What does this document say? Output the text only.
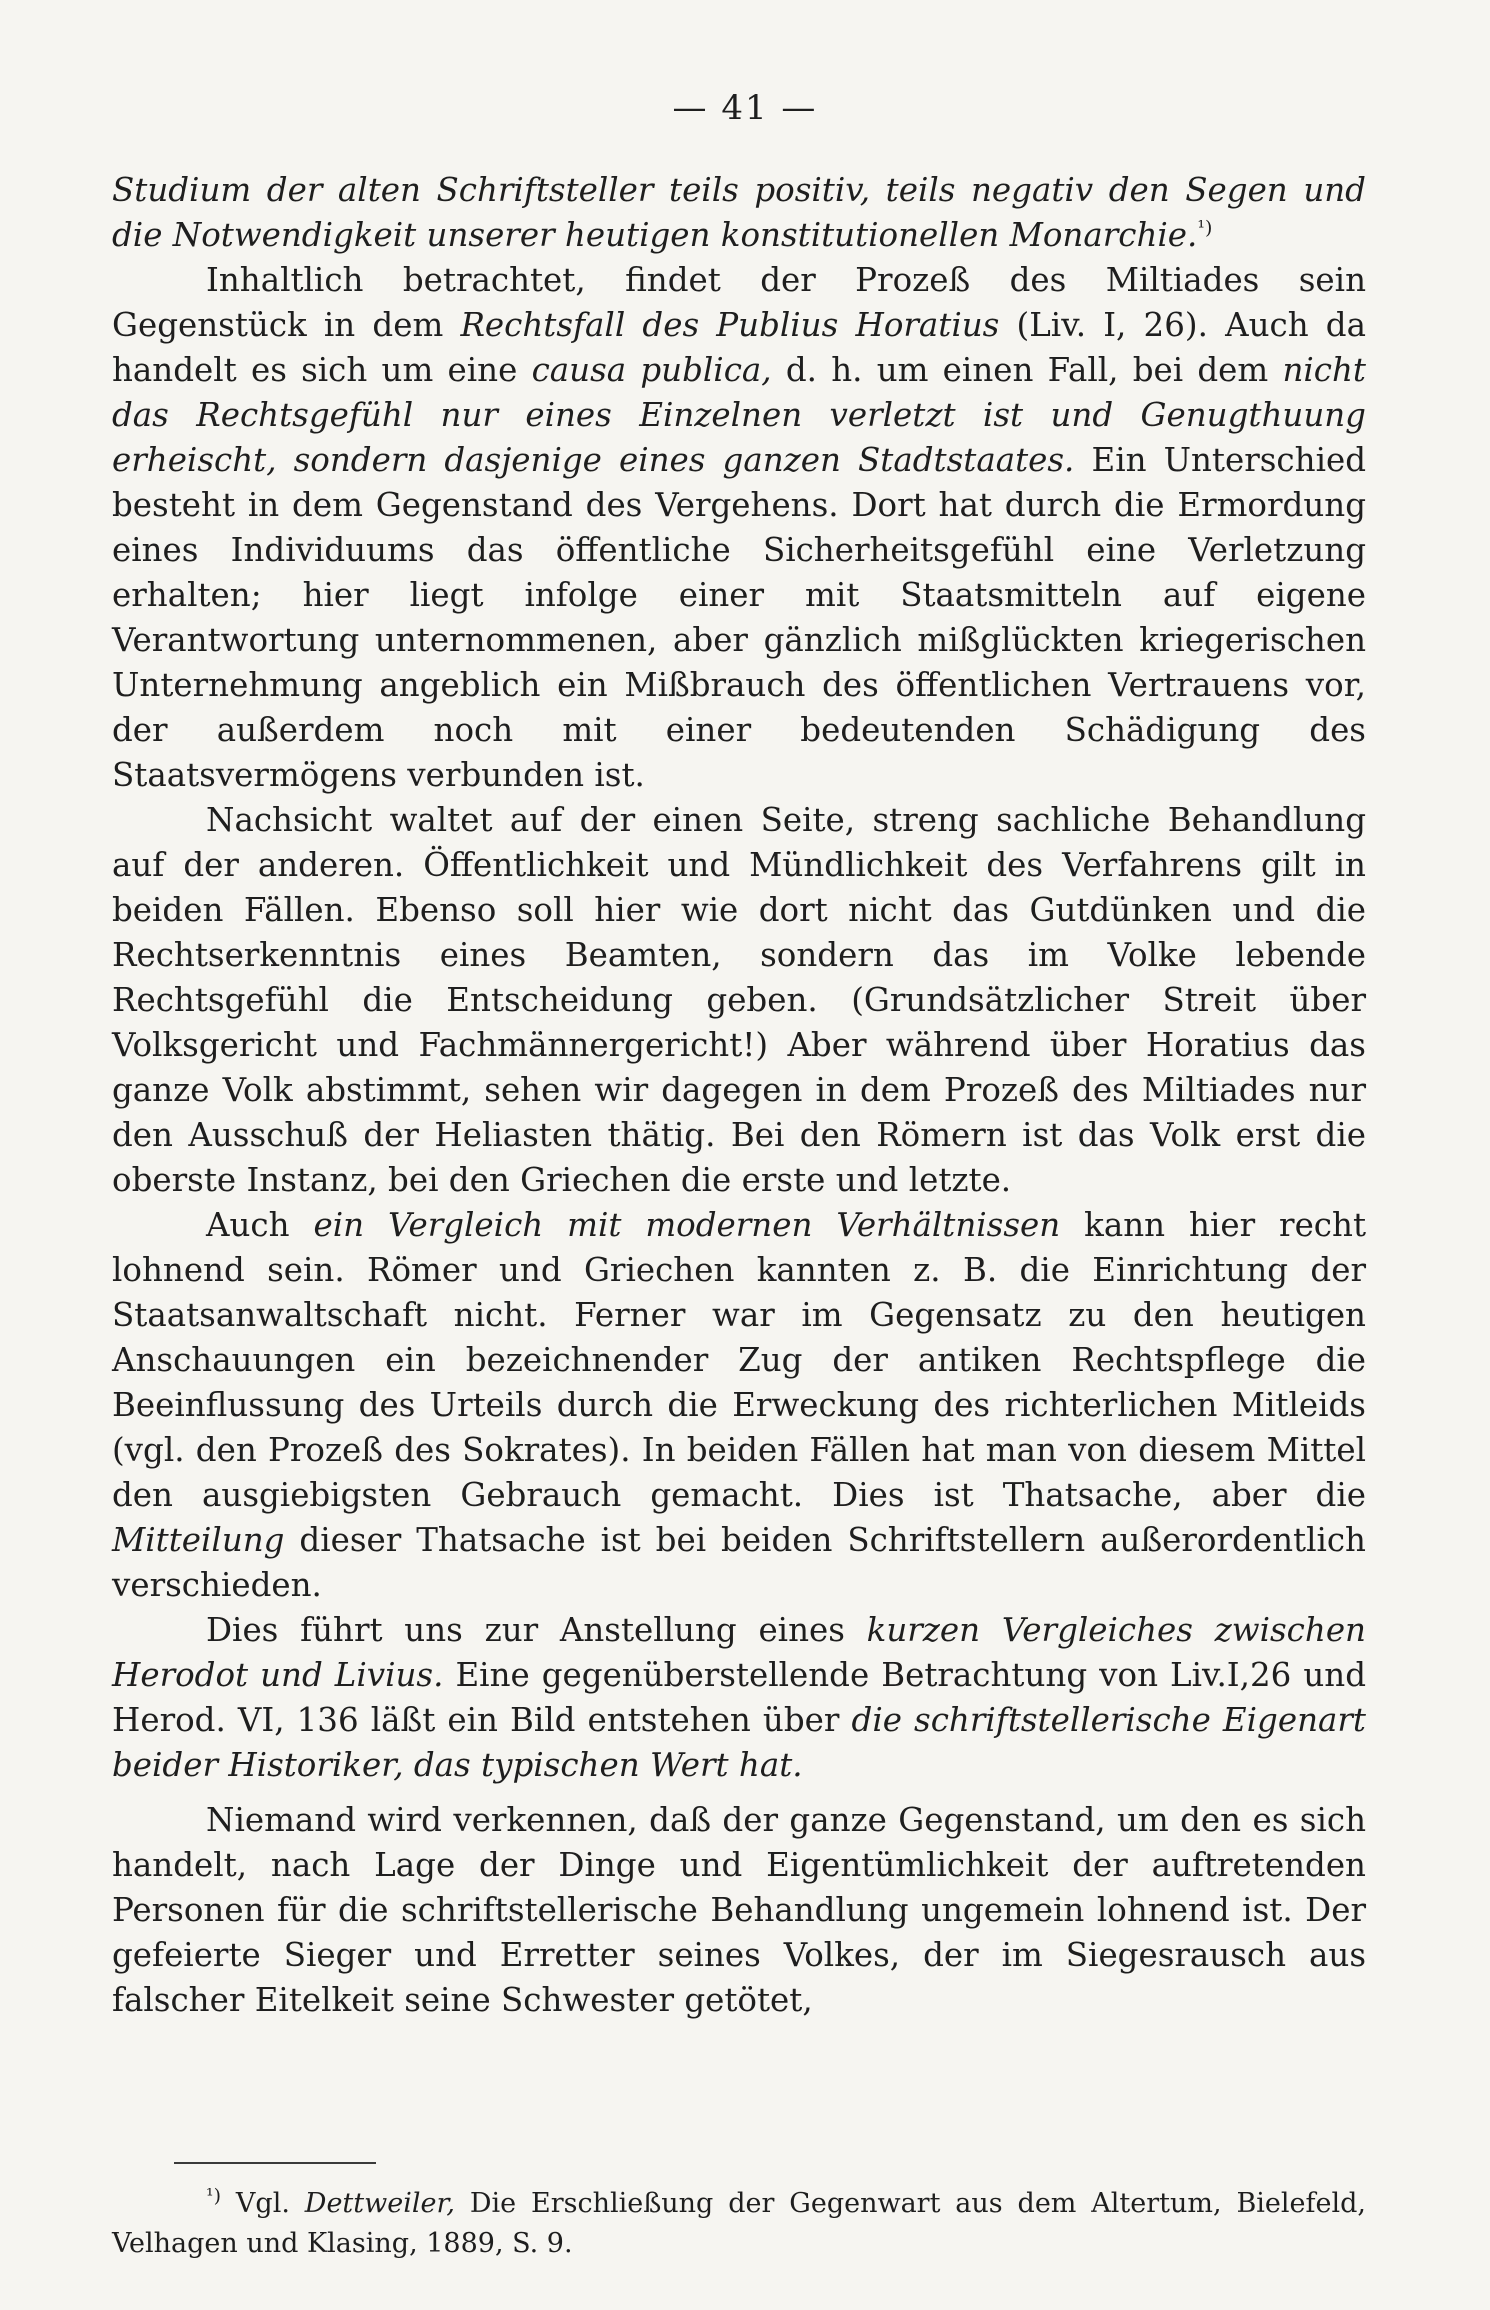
— 41 —

Studium der alten Schriftsteller teils positiv, teils negativ den Segen und die Notwendigkeit unserer heutigen konstitutionellen Monarchie.$^{^1)}$

Inhaltlich betrachtet, findet der Prozeß des Miltiades sein Gegenstück in dem Rechtsfall des Publius Horatius (Liv. I, 26). Auch da handelt es sich um eine causa publica, d. h. um einen Fall, bei dem nicht das Rechtsgefühl nur eines Einzelnen verletzt ist und Genugthuung erheischt, sondern dasjenige eines ganzen Stadtstaates. Ein Unterschied besteht in dem Gegenstand des Vergehens. Dort hat durch die Ermordung eines Individuums das öffentliche Sicherheitsgefühl eine Verletzung erhalten; hier liegt infolge einer mit Staatsmitteln auf eigene Verantwortung unternommenen, aber gänzlich mißglückten kriegerischen Unternehmung angeblich ein Mißbrauch des öffentlichen Vertrauens vor, der außerdem noch mit einer bedeutenden Schädigung des Staatsvermögens verbunden ist.

Nachsicht waltet auf der einen Seite, streng sachliche Behandlung auf der anderen. Öffentlichkeit und Mündlichkeit des Verfahrens gilt in beiden Fällen. Ebenso soll hier wie dort nicht das Gutdünken und die Rechtserkenntnis eines Beamten, sondern das im Volke lebende Rechtsgefühl die Entscheidung geben. (Grundsätzlicher Streit über Volksgericht und Fachmännergericht!) Aber während über Horatius das ganze Volk abstimmt, sehen wir dagegen in dem Prozeß des Miltiades nur den Ausschuß der Heliasten thätig. Bei den Römern ist das Volk erst die oberste Instanz, bei den Griechen die erste und letzte.

Auch ein Vergleich mit modernen Verhältnissen kann hier recht lohnend sein. Römer und Griechen kannten z. B. die Einrichtung der Staatsanwaltschaft nicht. Ferner war im Gegensatz zu den heutigen Anschauungen ein bezeichnender Zug der antiken Rechtspflege die Beeinflussung des Urteils durch die Erweckung des richterlichen Mitleids (vgl. den Prozeß des Sokrates). In beiden Fällen hat man von diesem Mittel den ausgiebigsten Gebrauch gemacht. Dies ist Thatsache, aber die Mitteilung dieser Thatsache ist bei beiden Schriftstellern außerordentlich verschieden.

Dies führt uns zur Anstellung eines kurzen Vergleiches zwischen Herodot und Livius. Eine gegenüberstellende Betrachtung von Liv.I,26 und Herod. VI, 136 läßt ein Bild entstehen über die schriftstellerische Eigenart beider Historiker, das typischen Wert hat.

Niemand wird verkennen, daß der ganze Gegenstand, um den es sich handelt, nach Lage der Dinge und Eigentümlichkeit der auftretenden Personen für die schriftstellerische Behandlung ungemein lohnend ist. Der gefeierte Sieger und Erretter seines Volkes, der im Siegesrausch aus falscher Eitelkeit seine Schwester getötet,

$^{^1)}$ Vgl. Dettweiler, Die Erschließung der Gegenwart aus dem Altertum, Bielefeld, Velhagen und Klasing, 1889, S. 9.
